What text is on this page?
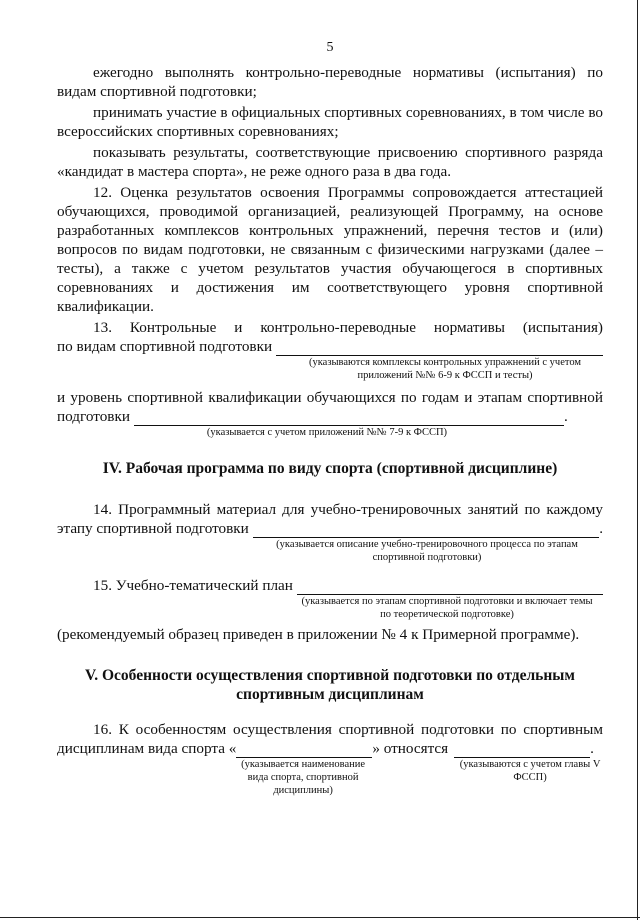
5

ежегодно выполнять контрольно-переводные нормативы (испытания) по видам спортивной подготовки;

принимать участие в официальных спортивных соревнованиях, в том числе во всероссийских спортивных соревнованиях;

показывать результаты, соответствующие присвоению спортивного разряда «кандидат в мастера спорта», не реже одного раза в два года.

12. Оценка результатов освоения Программы сопровождается аттестацией обучающихся, проводимой организацией, реализующей Программу, на основе разработанных комплексов контрольных упражнений, перечня тестов и (или) вопросов по видам подготовки, не связанным с физическими нагрузками (далее – тесты), а также с учетом результатов участия обучающегося в спортивных соревнованиях и достижения им соответствующего уровня спортивной квалификации.

13. Контрольные и контрольно-переводные нормативы (испытания)

по видам спортивной подготовки
(указываются комплексы контрольных упражнений с учетом приложений №№ 6-9 к ФССП и тесты)

и уровень спортивной квалификации обучающихся по годам и этапам спортивной

подготовки	.
(указывается с учетом приложений №№ 7-9 к ФССП)
IV. Рабочая программа по виду спорта (спортивной дисциплине)

14. Программный материал для учебно-тренировочных занятий по каждому

этапу спортивной подготовки	.
(указывается описание учебно-тренировочного процесса по этапам спортивной подготовки)
15. Учебно-тематический план
(указывается по этапам спортивной подготовки и включает темы по теоретической подготовке)

(рекомендуемый образец приведен в приложении № 4 к Примерной программе).

V. Особенности осуществления спортивной подготовки по отдельным
спортивным дисциплинам

16. К особенностям осуществления спортивной подготовки по спортивным

дисциплинам вида спорта «	» относятся	.
(указывается наименование вида спорта, спортивной дисциплины)
(указываются с учетом главы V ФССП)
